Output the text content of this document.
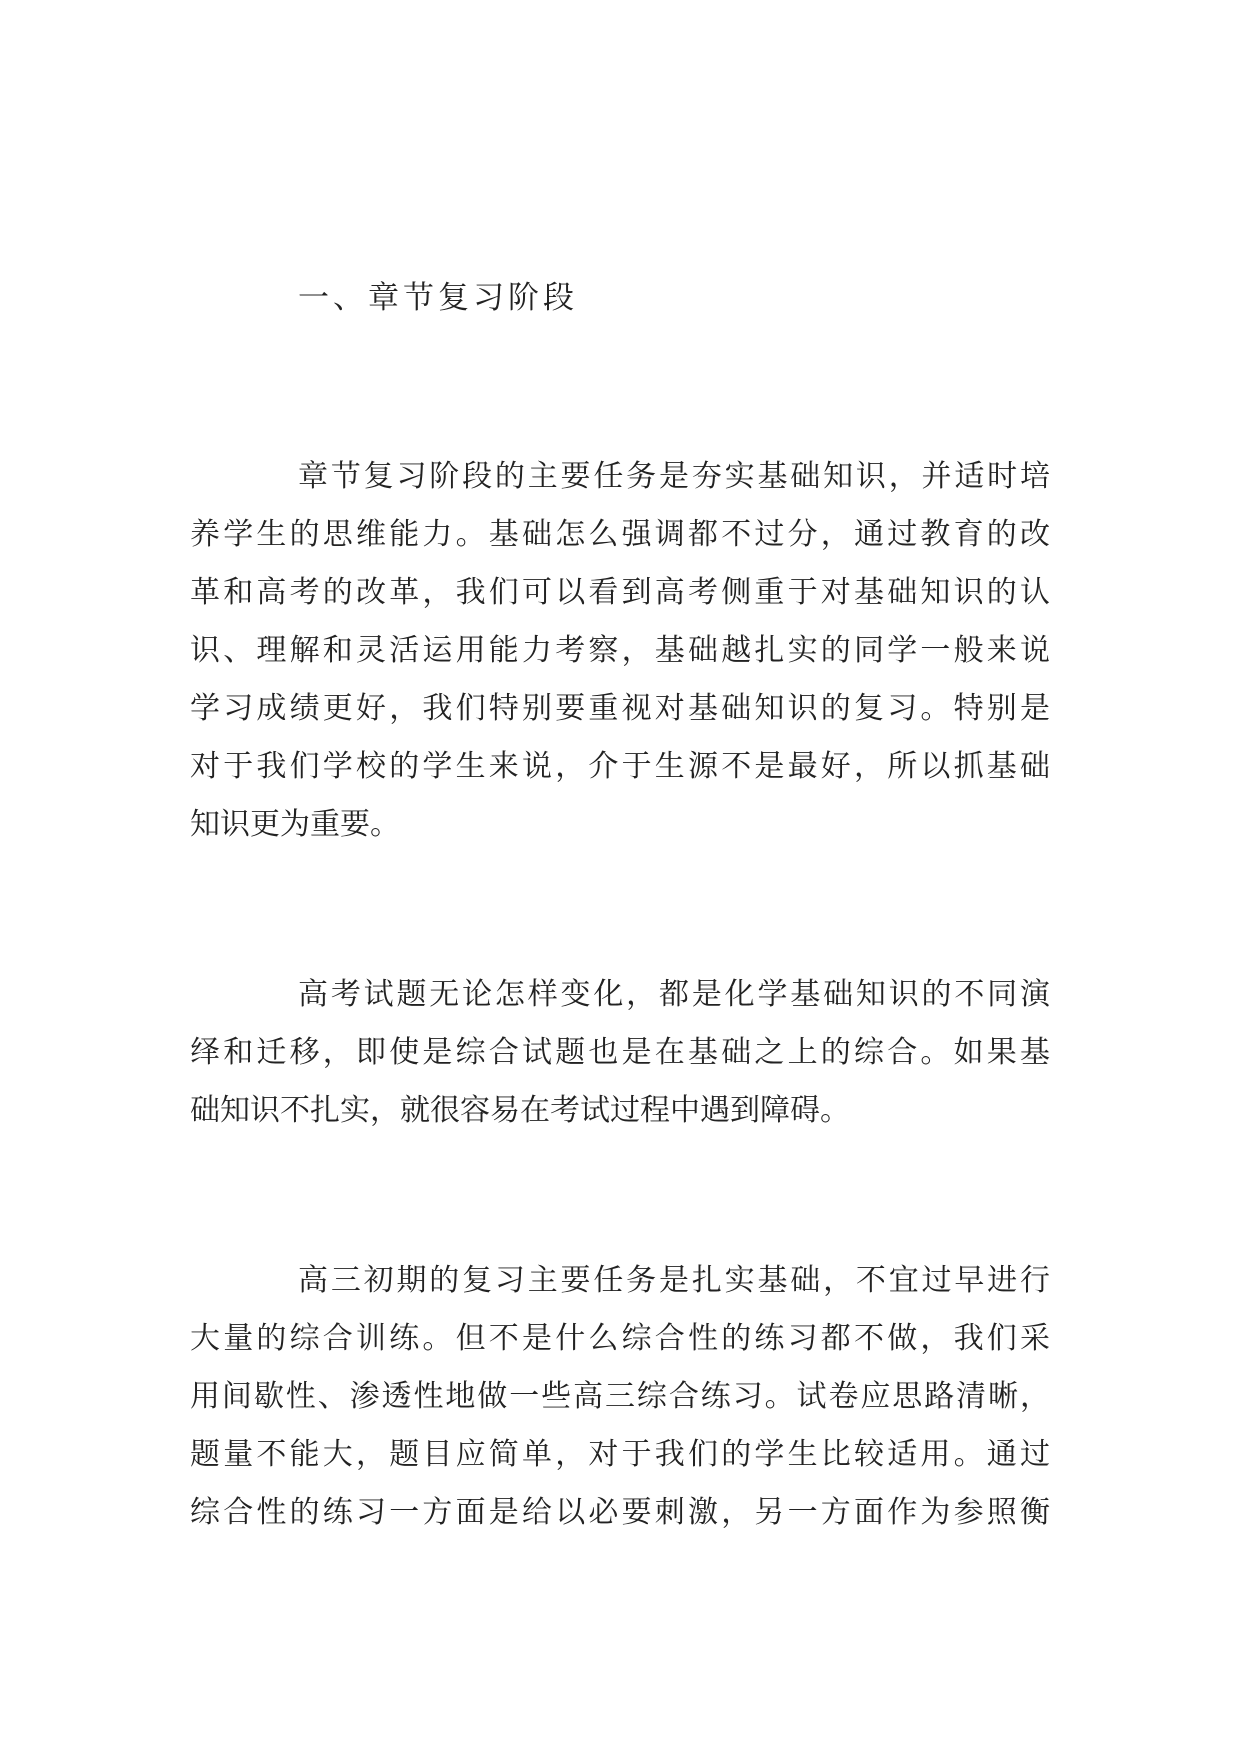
一、章节复习阶段
章节复习阶段的主要任务是夯实基础知识，并适时培
养学生的思维能力。基础怎么强调都不过分，通过教育的改
革和高考的改革，我们可以看到高考侧重于对基础知识的认
识、理解和灵活运用能力考察，基础越扎实的同学一般来说
学习成绩更好，我们特别要重视对基础知识的复习。特别是
对于我们学校的学生来说，介于生源不是最好，所以抓基础
知识更为重要。
高考试题无论怎样变化，都是化学基础知识的不同演
绎和迁移，即使是综合试题也是在基础之上的综合。如果基
础知识不扎实，就很容易在考试过程中遇到障碍。
高三初期的复习主要任务是扎实基础，不宜过早进行
大量的综合训练。但不是什么综合性的练习都不做，我们采
用间歇性、渗透性地做一些高三综合练习。试卷应思路清晰，
题量不能大，题目应简单，对于我们的学生比较适用。通过
综合性的练习一方面是给以必要刺激，另一方面作为参照衡
